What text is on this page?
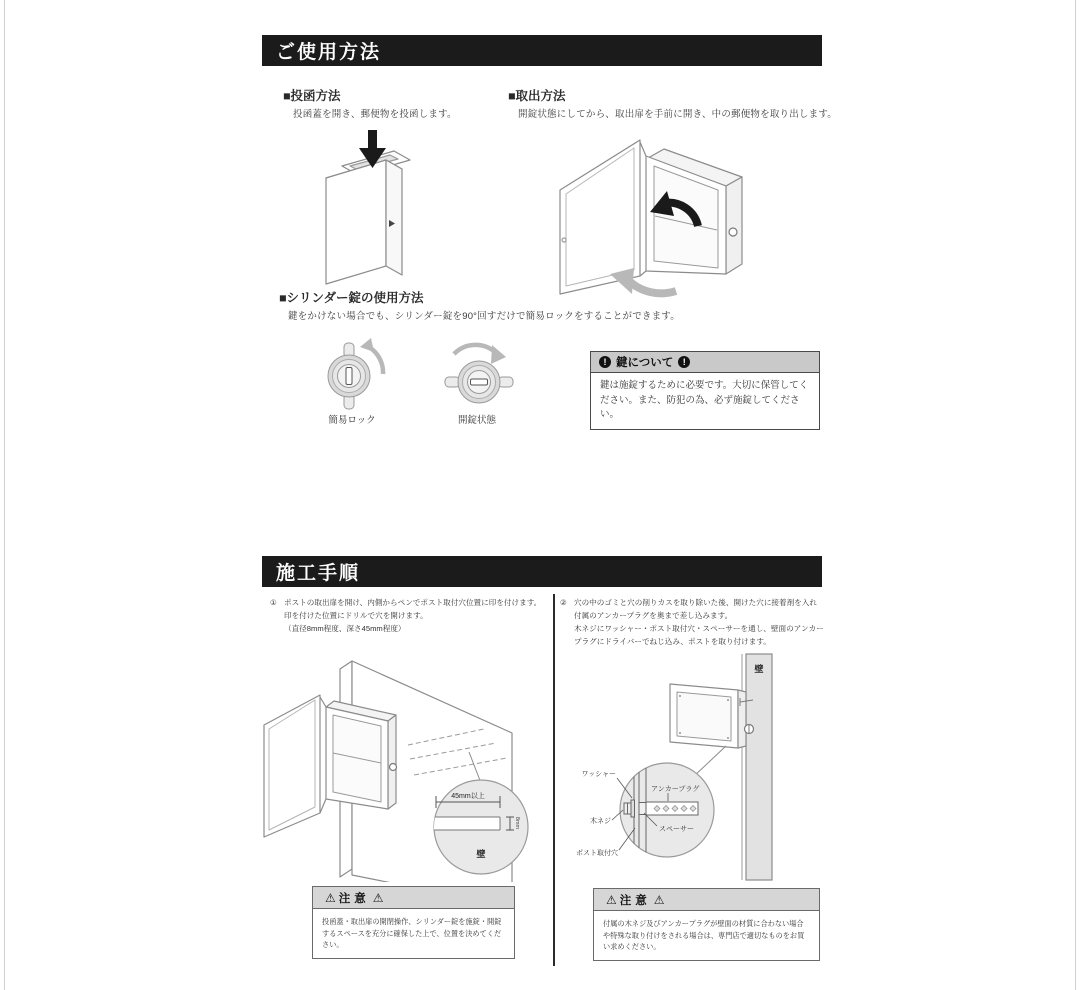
ご使用方法
■投函方法
投函蓋を開き、郵便物を投函します。
■取出方法
開錠状態にしてから、取出扉を手前に開き、中の郵便物を取り出します。
■シリンダー錠の使用方法
鍵をかけない場合でも、シリンダー錠を90°回すだけで簡易ロックをすることができます。
簡易ロック	開錠状態
! 鍵について	!
鍵は施錠するために必要です。大切に保管してください。また、防犯の為、必ず施錠してください。
施工手順
① ポストの取出扉を開け、内側からペンでポスト取付穴位置に印を付けます。
印を付けた位置にドリルで穴を開けます。
（直径8mm程度、深さ45mm程度）
② 穴の中のゴミと穴の削りカスを取り除いた後、開けた穴に接着剤を入れ
付属のアンカープラグを奥まで差し込みます。
木ネジにワッシャー・ポスト取付穴・スペーサーを通し、壁面のアンカー
プラグにドライバーでねじ込み、ポストを取り付けます。
45mm以上
8mm
壁
壁
ワッシャー
アンカープラグ
木ネジ
スペーサー
ポスト取付穴
⚠ 注意 ⚠
投函蓋・取出扉の開閉操作、シリンダー錠を施錠・開錠するスペースを充分に確保した上で、位置を決めてください。
⚠ 注意 ⚠
付属の木ネジ及びアンカープラグが壁面の材質に合わない場合や特殊な取り付けをされる場合は、専門店で適切なものをお買い求めください。
